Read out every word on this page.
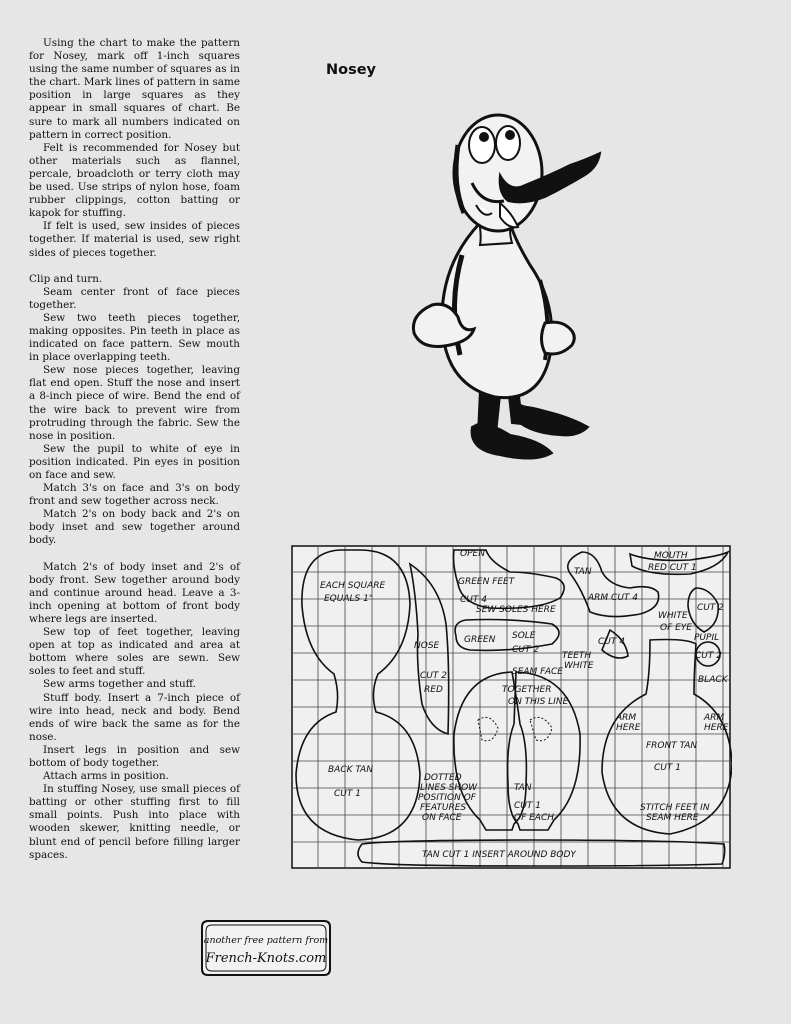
Using the chart to make the pattern for Nosey, mark off 1-inch squares using the same number of squares as in the chart. Mark lines of pattern in same position in large squares as they appear in small squares of chart. Be sure to mark all numbers indicated on pattern in correct position.

Felt is recommended for Nosey but other materials such as flannel, percale, broadcloth or terry cloth may be used. Use strips of nylon hose, foam rubber clippings, cotton batting or kapok for stuffing.

If felt is used, sew insides of pieces together. If material is used, sew right sides of pieces together.

Clip and turn.

Seam center front of face pieces together.

Sew two teeth pieces together, making opposites. Pin teeth in place as indicated on face pattern. Sew mouth in place overlapping teeth.

Sew nose pieces together, leaving flat end open. Stuff the nose and insert a 8-inch piece of wire. Bend the end of the wire back to prevent wire from protruding through the fabric. Sew the nose in position.

Sew the pupil to white of eye in position indicated. Pin eyes in position on face and sew.

Match 3's on face and 3's on body front and sew together across neck.

Match 2's on body back and 2's on body inset and sew together around body.

Match 2's of body inset and 2's of body front. Sew together around body and continue around head. Leave a 3-inch opening at bottom of front body where legs are inserted.

Sew top of feet together, leaving open at top as indicated and area at bottom where soles are sewn. Sew soles to feet and stuff.

Sew arms together and stuff.

Stuff body. Insert a 7-inch piece of wire into head, neck and body. Bend ends of wire back the same as for the nose.

Insert legs in position and sew bottom of body together.

Attach arms in position.

In stuffing Nosey, use small pieces of batting or other stuffing first to fill small points. Push into place with wooden skewer, knitting needle, or blunt end of pencil before filling larger spaces.

Nosey
EACH SQUARE
EQUALS 1"
OPEN
GREEN FEET
CUT 4
SEW SOLES HERE
TAN
ARM CUT 4
MOUTH
RED CUT 1
WHITE
OF EYE
CUT 2
PUPIL
CUT 2
BLACK
NOSE
CUT 2
RED
GREEN SOLE
CUT 2
TEETH
CUT 4
WHITE
SEAM FACE
TOGETHER
ON THIS LINE
BACK TAN
CUT 1
DOTTED
LINES SHOW
POSITION OF
FEATURES
ON FACE
TAN
CUT 1
OF EACH
ARM
HERE
ARM
HERE
FRONT TAN
CUT 1
STITCH FEET IN
SEAM HERE
TAN CUT 1 INSERT AROUND BODY
another free pattern from
French-Knots.com
